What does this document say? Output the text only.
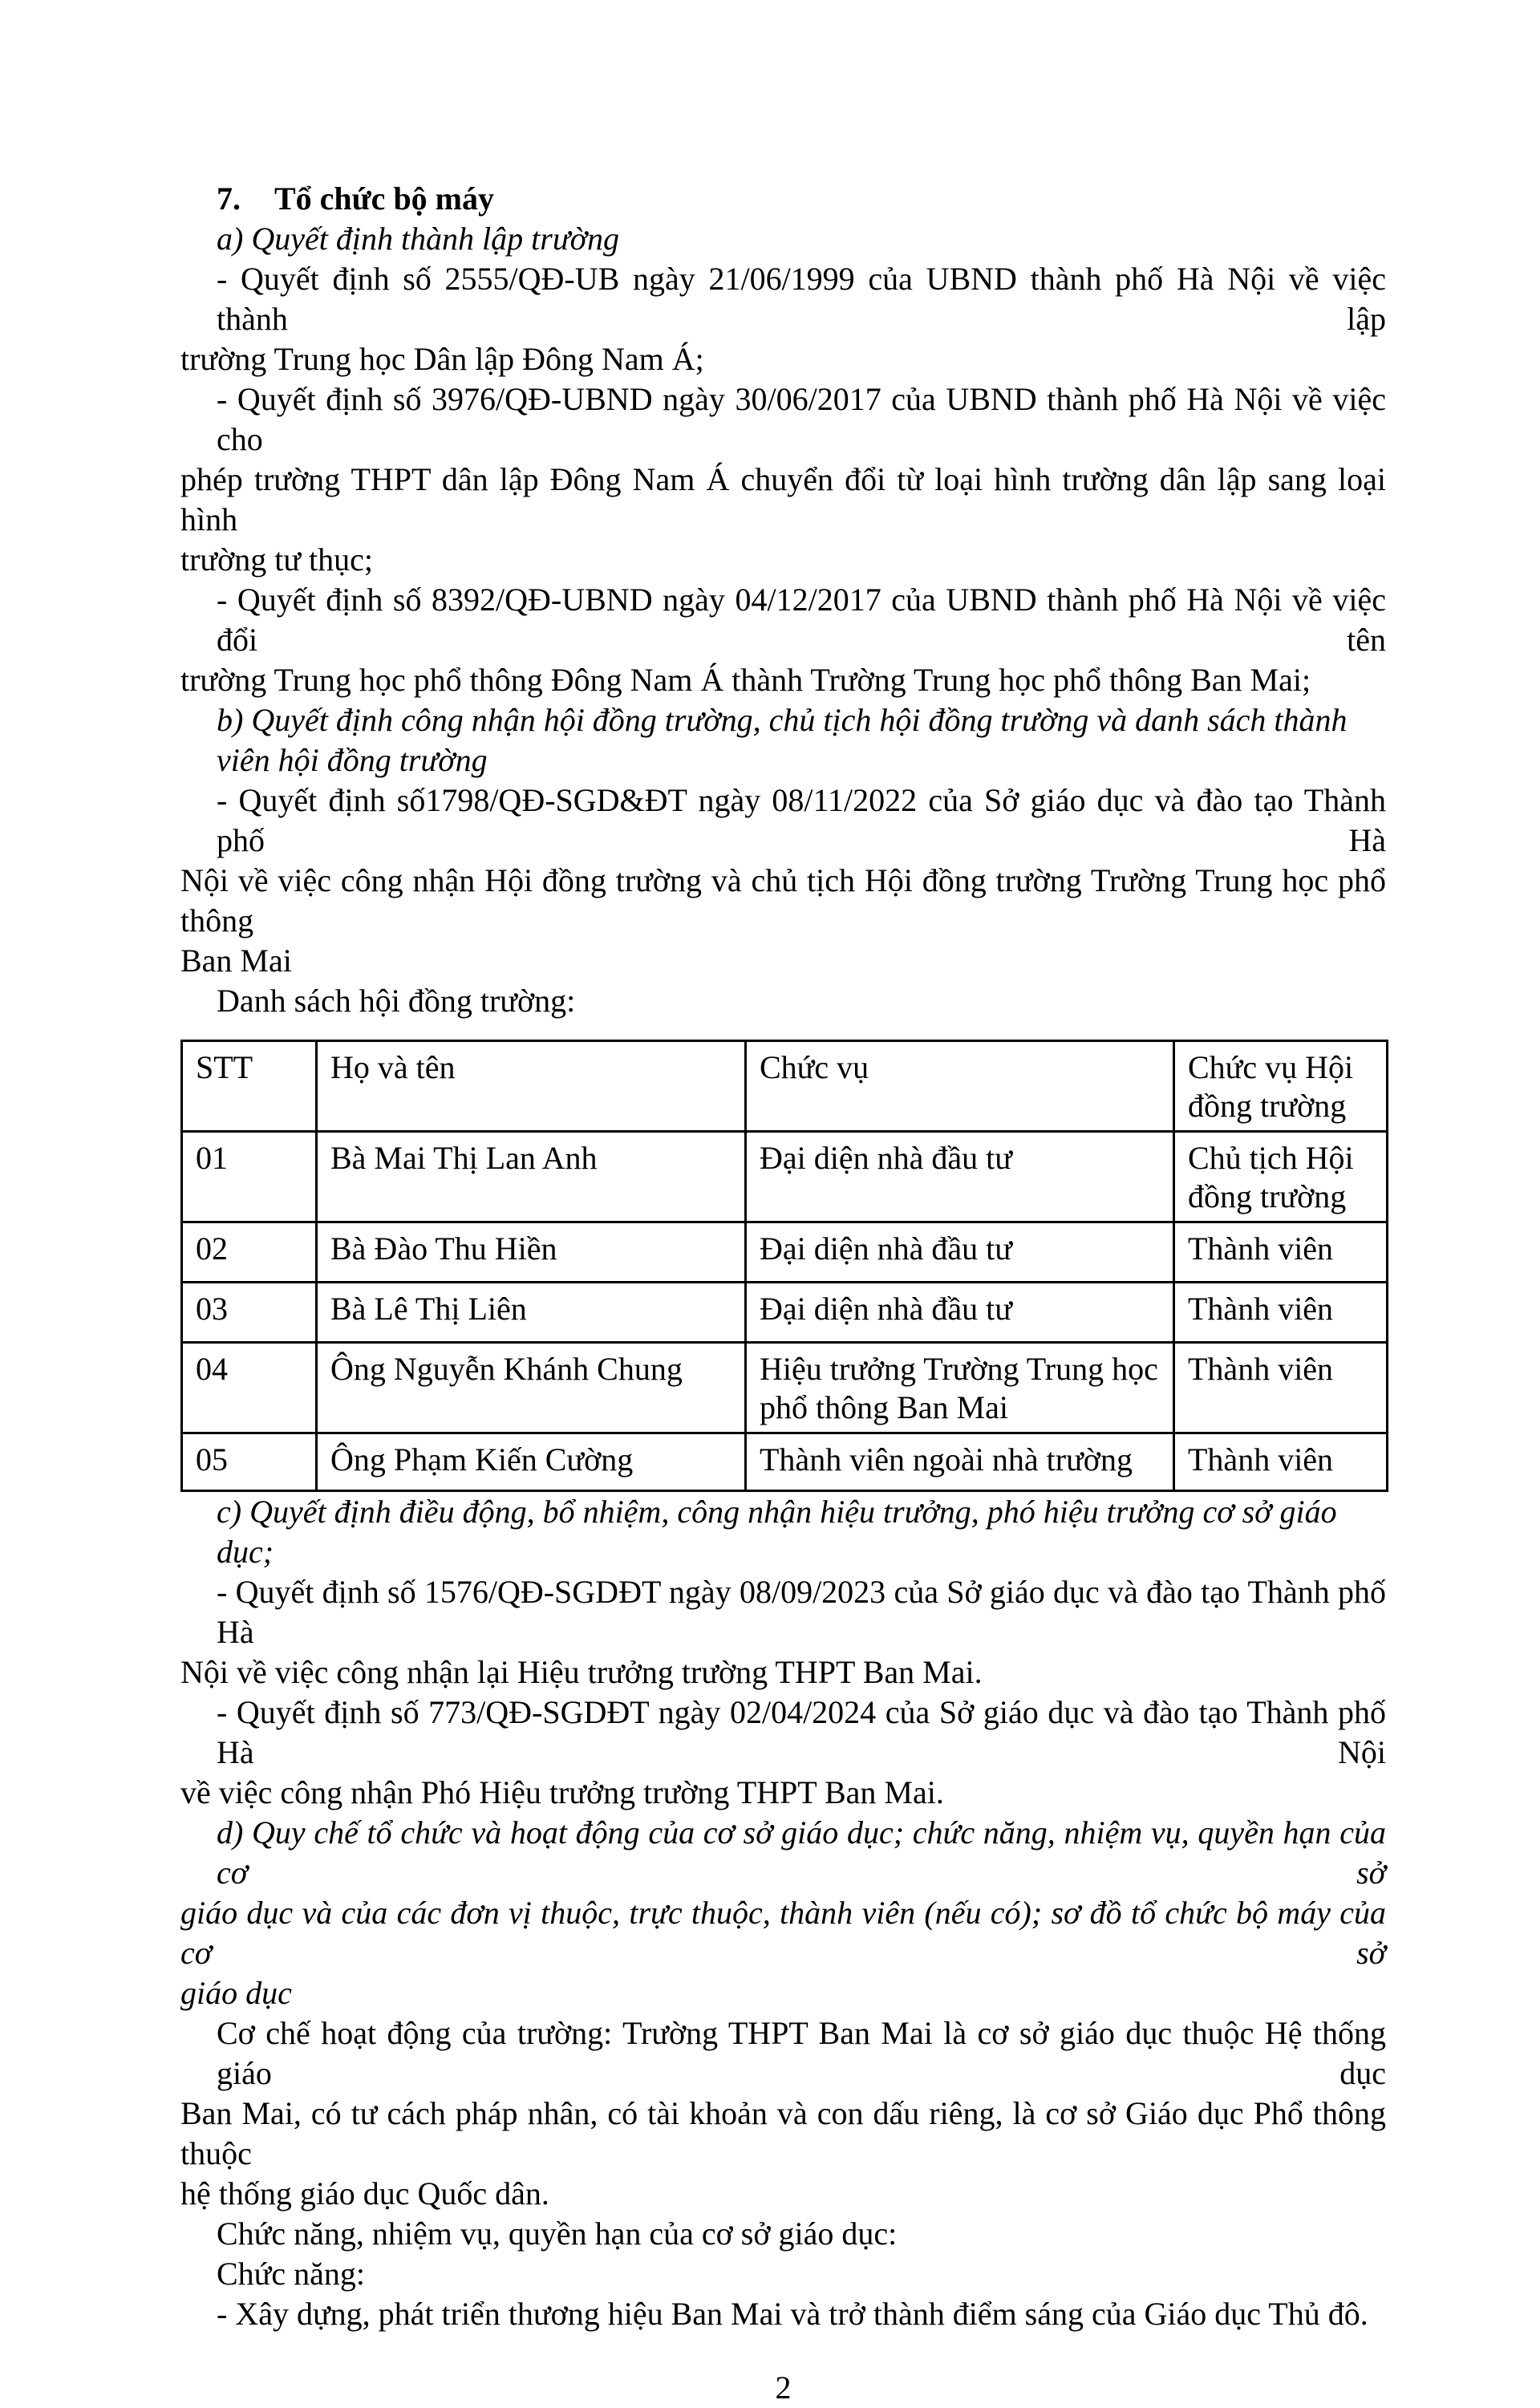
7. Tổ chức bộ máy
a) Quyết định thành lập trường
- Quyết định số 2555/QĐ-UB ngày 21/06/1999 của UBND thành phố Hà Nội về việc thành lập
trường Trung học Dân lập Đông Nam Á;
- Quyết định số 3976/QĐ-UBND ngày 30/06/2017 của UBND thành phố Hà Nội về việc cho
phép trường THPT dân lập Đông Nam Á chuyển đổi từ loại hình trường dân lập sang loại hình
trường tư thục;
- Quyết định số 8392/QĐ-UBND ngày 04/12/2017 của UBND thành phố Hà Nội về việc đổi tên
trường Trung học phổ thông Đông Nam Á thành Trường Trung học phổ thông Ban Mai;
b) Quyết định công nhận hội đồng trường, chủ tịch hội đồng trường và danh sách thành
viên hội đồng trường
- Quyết định số1798/QĐ-SGD&ĐT ngày 08/11/2022 của Sở giáo dục và đào tạo Thành phố Hà
Nội về việc công nhận Hội đồng trường và chủ tịch Hội đồng trường Trường Trung học phổ thông
Ban Mai
Danh sách hội đồng trường:
STT	Họ và tên	Chức vụ	Chức vụ Hội đồng trường
01	Bà Mai Thị Lan Anh	Đại diện nhà đầu tư	Chủ tịch Hội đồng trường
02	Bà Đào Thu Hiền	Đại diện nhà đầu tư	Thành viên
03	Bà Lê Thị Liên	Đại diện nhà đầu tư	Thành viên
04	Ông Nguyễn Khánh Chung	Hiệu trưởng Trường Trung học phổ thông Ban Mai	Thành viên
05	Ông Phạm Kiến Cường	Thành viên ngoài nhà trường	Thành viên
c) Quyết định điều động, bổ nhiệm, công nhận hiệu trưởng, phó hiệu trưởng cơ sở giáo dục;
- Quyết định số 1576/QĐ-SGDĐT ngày 08/09/2023 của Sở giáo dục và đào tạo Thành phố Hà
Nội về việc công nhận lại Hiệu trưởng trường THPT Ban Mai.
- Quyết định số 773/QĐ-SGDĐT ngày 02/04/2024 của Sở giáo dục và đào tạo Thành phố Hà Nội
về việc công nhận Phó Hiệu trưởng trường THPT Ban Mai.
d) Quy chế tổ chức và hoạt động của cơ sở giáo dục; chức năng, nhiệm vụ, quyền hạn của cơ sở
giáo dục và của các đơn vị thuộc, trực thuộc, thành viên (nếu có); sơ đồ tổ chức bộ máy của cơ sở
giáo dục
Cơ chế hoạt động của trường: Trường THPT Ban Mai là cơ sở giáo dục thuộc Hệ thống giáo dục
Ban Mai, có tư cách pháp nhân, có tài khoản và con dấu riêng, là cơ sở Giáo dục Phổ thông thuộc
hệ thống giáo dục Quốc dân.
Chức năng, nhiệm vụ, quyền hạn của cơ sở giáo dục:
Chức năng:
- Xây dựng, phát triển thương hiệu Ban Mai và trở thành điểm sáng của Giáo dục Thủ đô.
2
